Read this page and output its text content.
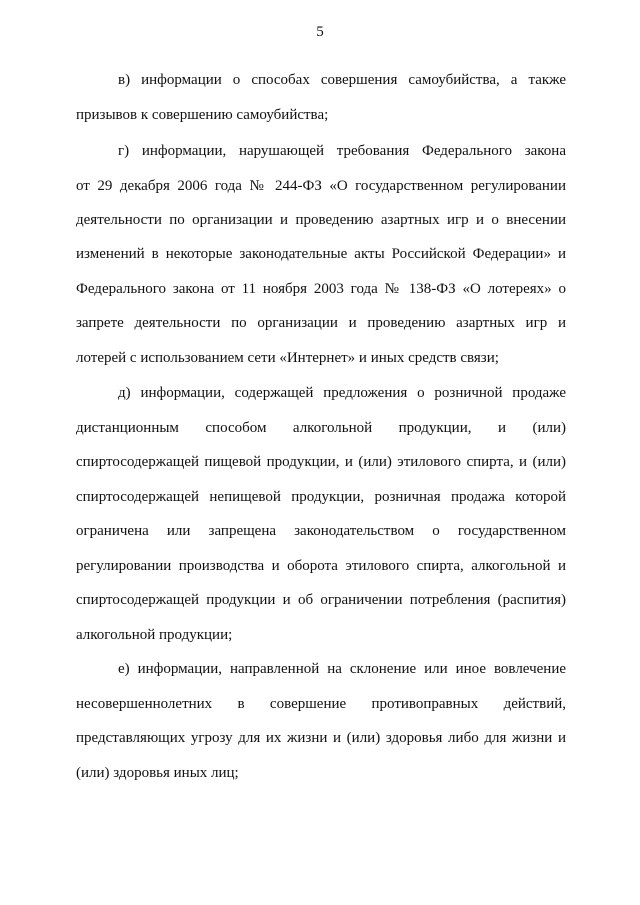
5
в) информации о способах совершения самоубийства, а также
призывов к совершению самоубийства;
г) информации, нарушающей требования Федерального закона
от 29 декабря 2006 года № 244-ФЗ «О государственном регулировании
деятельности по организации и проведению азартных игр и о внесении
изменений в некоторые законодательные акты Российской Федерации» и
Федерального закона от 11 ноября 2003 года № 138-ФЗ «О лотереях» о
запрете деятельности по организации и проведению азартных игр и
лотерей с использованием сети «Интернет» и иных средств связи;
д) информации, содержащей предложения о розничной продаже
дистанционным способом алкогольной продукции, и (или)
спиртосодержащей пищевой продукции, и (или) этилового спирта, и (или)
спиртосодержащей непищевой продукции, розничная продажа которой
ограничена или запрещена законодательством о государственном
регулировании производства и оборота этилового спирта, алкогольной и
спиртосодержащей продукции и об ограничении потребления (распития)
алкогольной продукции;
е) информации, направленной на склонение или иное вовлечение
несовершеннолетних в совершение противоправных действий,
представляющих угрозу для их жизни и (или) здоровья либо для жизни и
(или) здоровья иных лиц;
